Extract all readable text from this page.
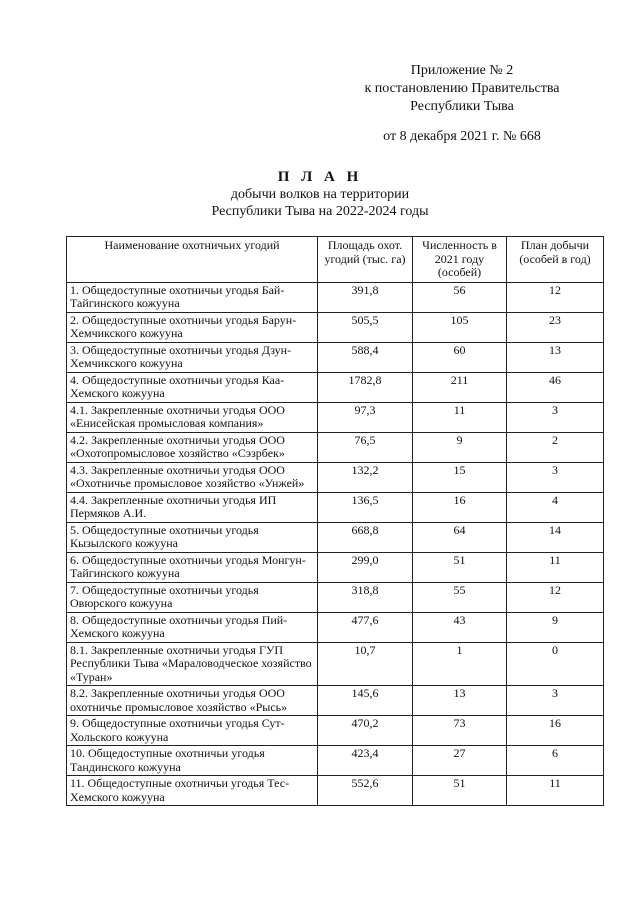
Приложение № 2
к постановлению Правительства
Республики Тыва
от 8 декабря 2021 г. № 668
П Л А Н
добычи волков на территории
Республики Тыва на 2022-2024 годы
Наименование охотничьих угодий	Площадь охот. угодий (тыс. га)	Численность в 2021 году (особей)	План добычи (особей в год)
1. Общедоступные охотничьи угодья Бай-Тайгинского кожууна	391,8	56	12
2. Общедоступные охотничьи угодья Барун-Хемчикского кожууна	505,5	105	23
3. Общедоступные охотничьи угодья Дзун-Хемчикского кожууна	588,4	60	13
4. Общедоступные охотничьи угодья Каа-Хемского кожууна	1782,8	211	46
4.1. Закрепленные охотничьи угодья ООО «Енисейская промысловая компания»	97,3	11	3
4.2. Закрепленные охотничьи угодья ООО «Охотопромысловое хозяйство «Сэзрбек»	76,5	9	2
4.3. Закрепленные охотничьи угодья ООО «Охотничье промысловое хозяйство «Унжей»	132,2	15	3
4.4. Закрепленные охотничьи угодья ИП Пермяков А.И.	136,5	16	4
5. Общедоступные охотничьи угодья Кызылского кожууна	668,8	64	14
6. Общедоступные охотничьи угодья Монгун-Тайгинского кожууна	299,0	51	11
7. Общедоступные охотничьи угодья Овюрского кожууна	318,8	55	12
8. Общедоступные охотничьи угодья Пий-Хемского кожууна	477,6	43	9
8.1. Закрепленные охотничьи угодья ГУП Республики Тыва «Мараловодческое хозяйство «Туран»	10,7	1	0
8.2. Закрепленные охотничьи угодья ООО охотничье промысловое хозяйство «Рысь»	145,6	13	3
9. Общедоступные охотничьи угодья Сут-Хольского кожууна	470,2	73	16
10. Общедоступные охотничьи угодья Тандинского кожууна	423,4	27	6
11. Общедоступные охотничьи угодья Тес-Хемского кожууна	552,6	51	11
